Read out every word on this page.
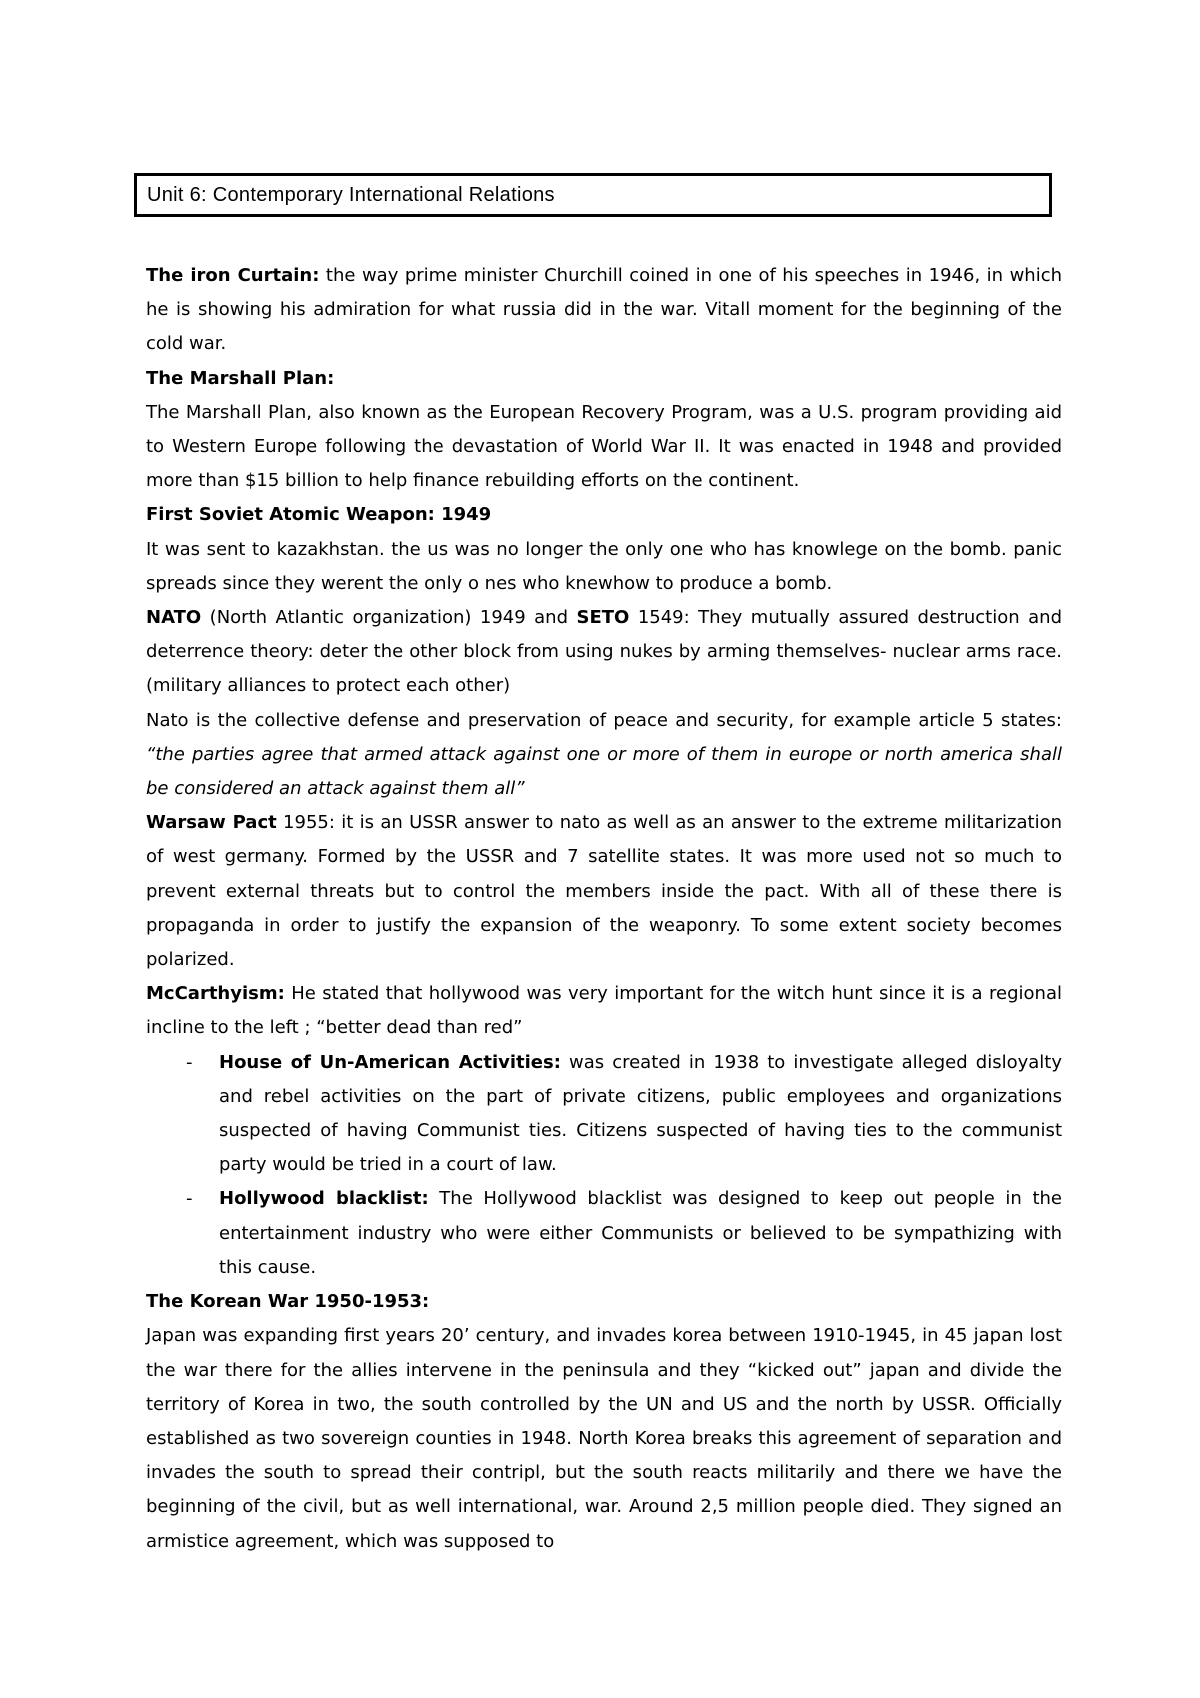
Unit 6: Contemporary International Relations

The iron Curtain: the way prime minister Churchill coined in one of his speeches in 1946, in which he is showing his admiration for what russia did in the war. Vitall moment for the beginning of the cold war.

The Marshall Plan:

The Marshall Plan, also known as the European Recovery Program, was a U.S. program providing aid to Western Europe following the devastation of World War II. It was enacted in 1948 and provided more than $15 billion to help finance rebuilding efforts on the continent.

First Soviet Atomic Weapon: 1949

It was sent to kazakhstan. the us was no longer the only one who has knowlege on the bomb. panic spreads since they werent the only o nes who knewhow to produce a bomb.

NATO (North Atlantic organization) 1949 and SETO 1549: They mutually assured destruction and deterrence theory: deter the other block from using nukes by arming themselves- nuclear arms race. (military alliances to protect each other)

Nato is the collective defense and preservation of peace and security, for example article 5 states: “the parties agree that armed attack against one or more of them in europe or north america shall be considered an attack against them all”

Warsaw Pact 1955: it is an USSR answer to nato as well as an answer to the extreme militarization of west germany. Formed by the USSR and 7 satellite states. It was more used not so much to prevent external threats but to control the members inside the pact. With all of these there is propaganda in order to justify the expansion of the weaponry. To some extent society becomes polarized.

McCarthyism: He stated that hollywood was very important for the witch hunt since it is a regional incline to the left ; “better dead than red”

- House of Un-American Activities: was created in 1938 to investigate alleged disloyalty and rebel activities on the part of private citizens, public employees and organizations suspected of having Communist ties. Citizens suspected of having ties to the communist party would be tried in a court of law.

- Hollywood blacklist: The Hollywood blacklist was designed to keep out people in the entertainment industry who were either Communists or believed to be sympathizing with this cause.

The Korean War 1950-1953:

Japan was expanding first years 20’ century, and invades korea between 1910-1945, in 45 japan lost the war there for the allies intervene in the peninsula and they “kicked out” japan and divide the territory of Korea in two, the south controlled by the UN and US and the north by USSR. Officially established as two sovereign counties in 1948. North Korea breaks this agreement of separation and invades the south to spread their contripl, but the south reacts militarily and there we have the beginning of the civil, but as well international, war. Around 2,5 million people died. They signed an armistice agreement, which was supposed to
